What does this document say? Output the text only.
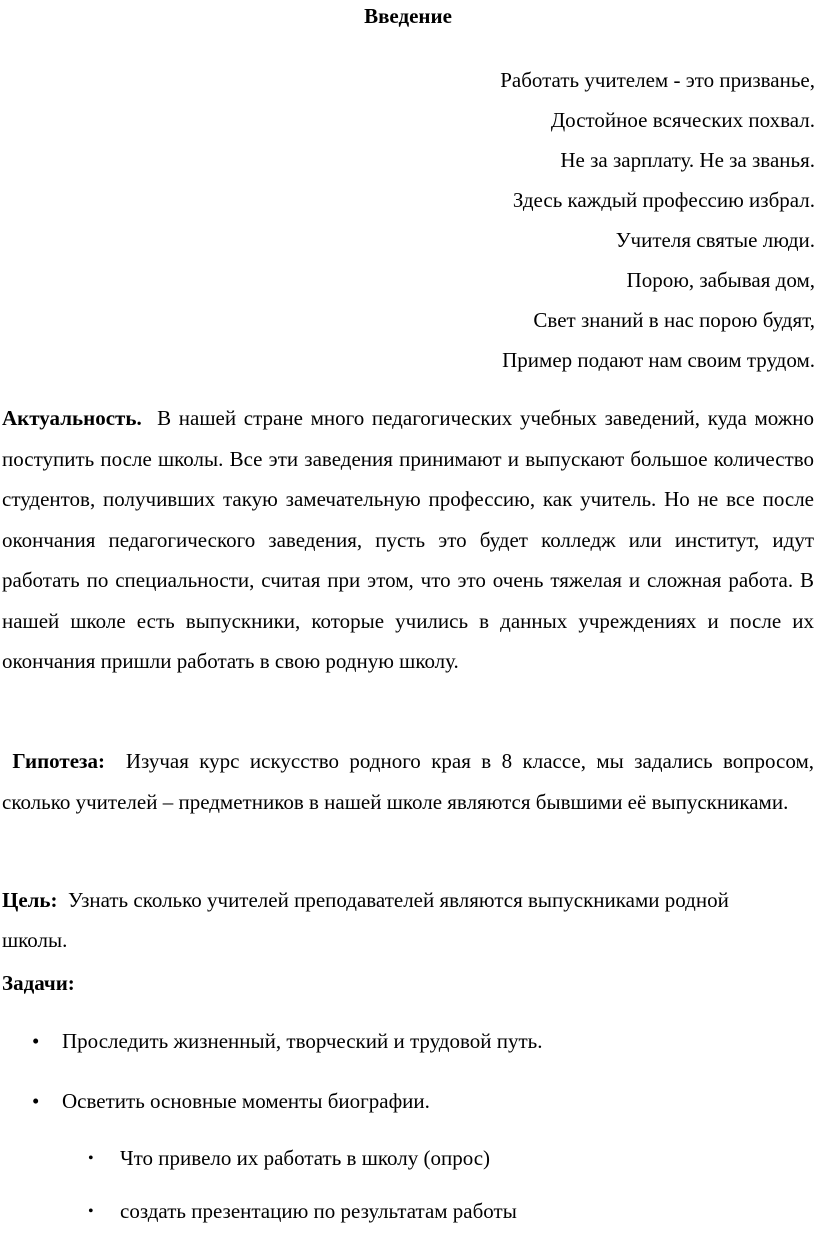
Введение
Работать учителем - это призванье,
Достойное всяческих похвал.
Не за зарплату. Не за званья.
Здесь каждый профессию избрал.
Учителя святые люди.
Порою, забывая дом,
Свет знаний в нас порою будят,
Пример подают нам своим трудом.
Актуальность. В нашей стране много педагогических учебных заведений, куда можно поступить после школы. Все эти заведения принимают и выпускают большое количество студентов, получивших такую замечательную профессию, как учитель. Но не все после окончания педагогического заведения, пусть это будет колледж или институт, идут работать по специальности, считая при этом, что это очень тяжелая и сложная работа. В нашей школе есть выпускники, которые учились в данных учреждениях и после их окончания пришли работать в свою родную школу.
Гипотеза: Изучая курс искусство родного края в 8 классе, мы задались вопросом, сколько учителей – предметников в нашей школе являются бывшими её выпускниками.
Цель: Узнать сколько учителей преподавателей являются выпускниками родной школы.
Задачи:
• Проследить жизненный, творческий и трудовой путь.
• Осветить основные моменты биографии.
• Что привело их работать в школу (опрос)
• создать презентацию по результатам работы
